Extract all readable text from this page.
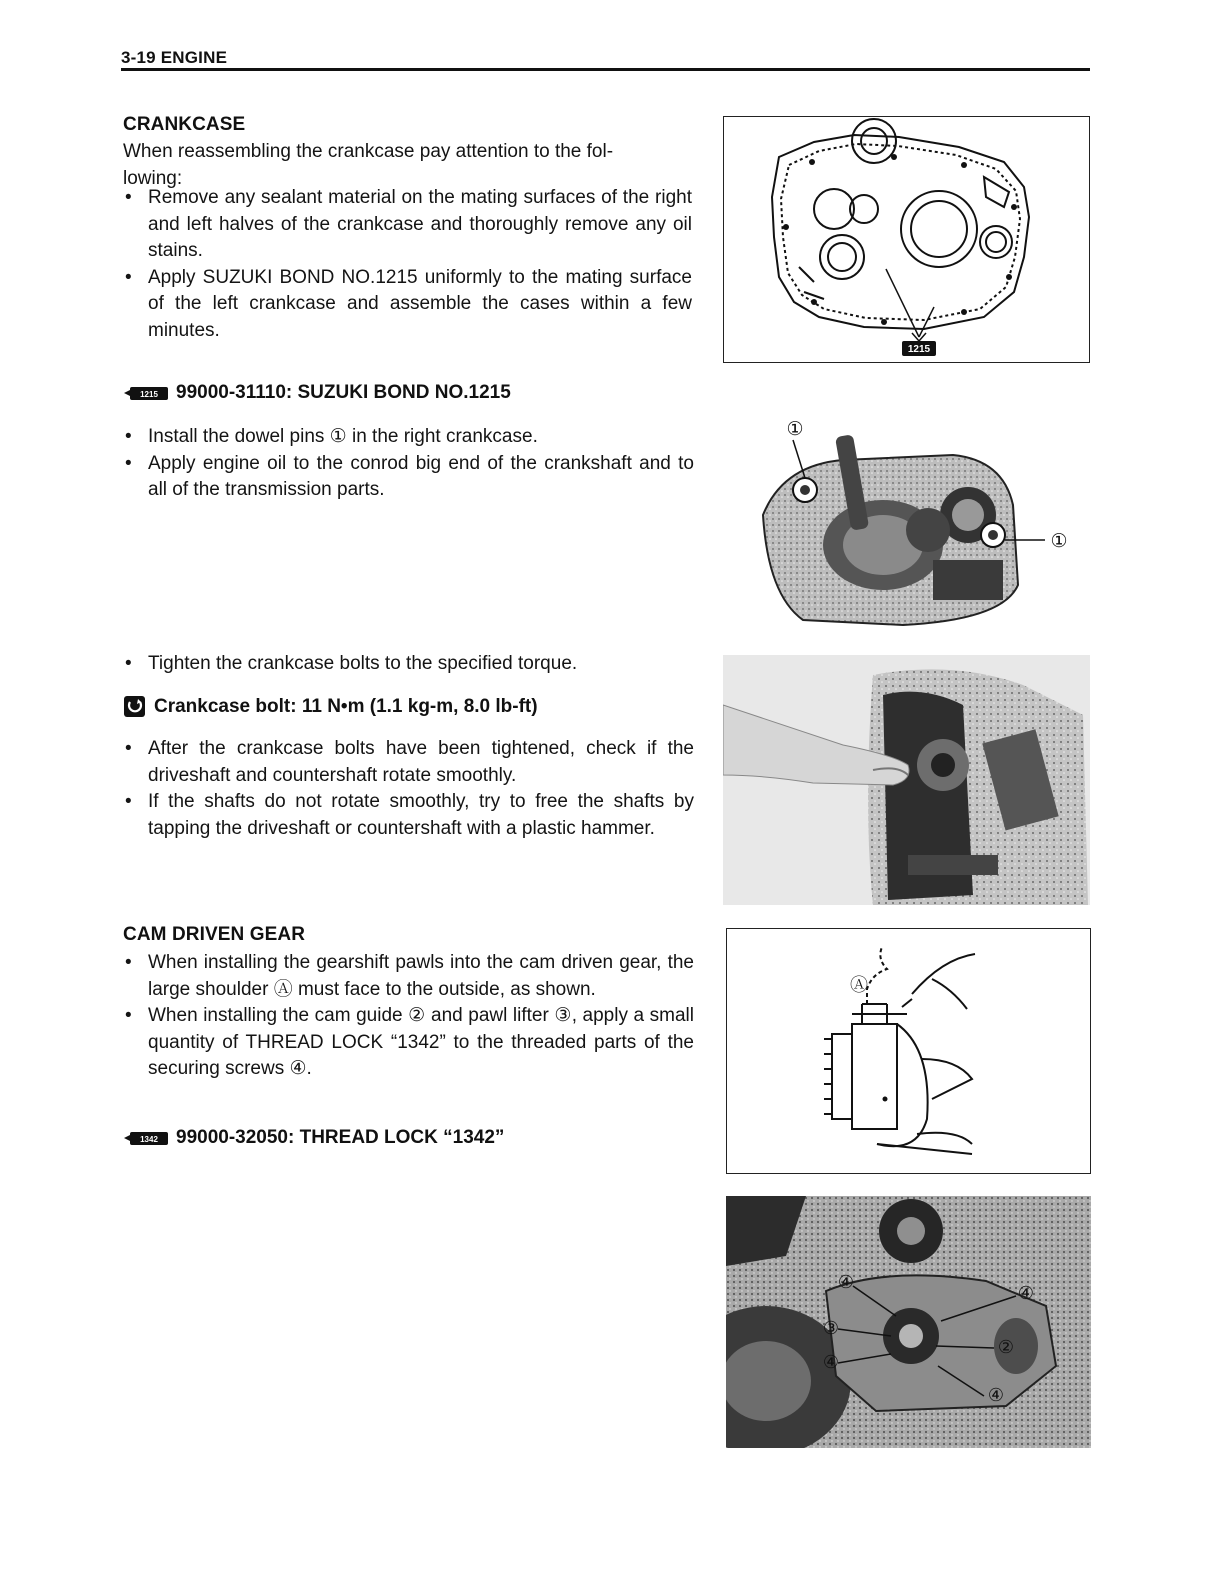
3-19 ENGINE
CRANKCASE
When reassembling the crankcase pay attention to the fol-
lowing:
• Remove any sealant material on the mating surfaces of the right and left halves of the crankcase and thoroughly remove any oil stains.
• Apply SUZUKI BOND NO.1215 uniformly to the mating surface of the left crankcase and assemble the cases within a few minutes.
1215 99000-31110: SUZUKI BOND NO.1215
• Install the dowel pins ① in the right crankcase.
• Apply engine oil to the conrod big end of the crankshaft and to all of the transmission parts.
• Tighten the crankcase bolts to the specified torque.
Crankcase bolt: 11 N•m (1.1 kg-m, 8.0 lb-ft)
• After the crankcase bolts have been tightened, check if the driveshaft and countershaft rotate smoothly.
• If the shafts do not rotate smoothly, try to free the shafts by tapping the driveshaft or countershaft with a plastic hammer.
CAM DRIVEN GEAR
• When installing the gearshift pawls into the cam driven gear, the large shoulder Ⓐ must face to the outside, as shown.
• When installing the cam guide ② and pawl lifter ③, apply a small quantity of THREAD LOCK “1342” to the threaded parts of the securing screws ④.
1342 99000-32050: THREAD LOCK “1342”
1215
①
①
Ⓐ
④
③
④
④
②
④
